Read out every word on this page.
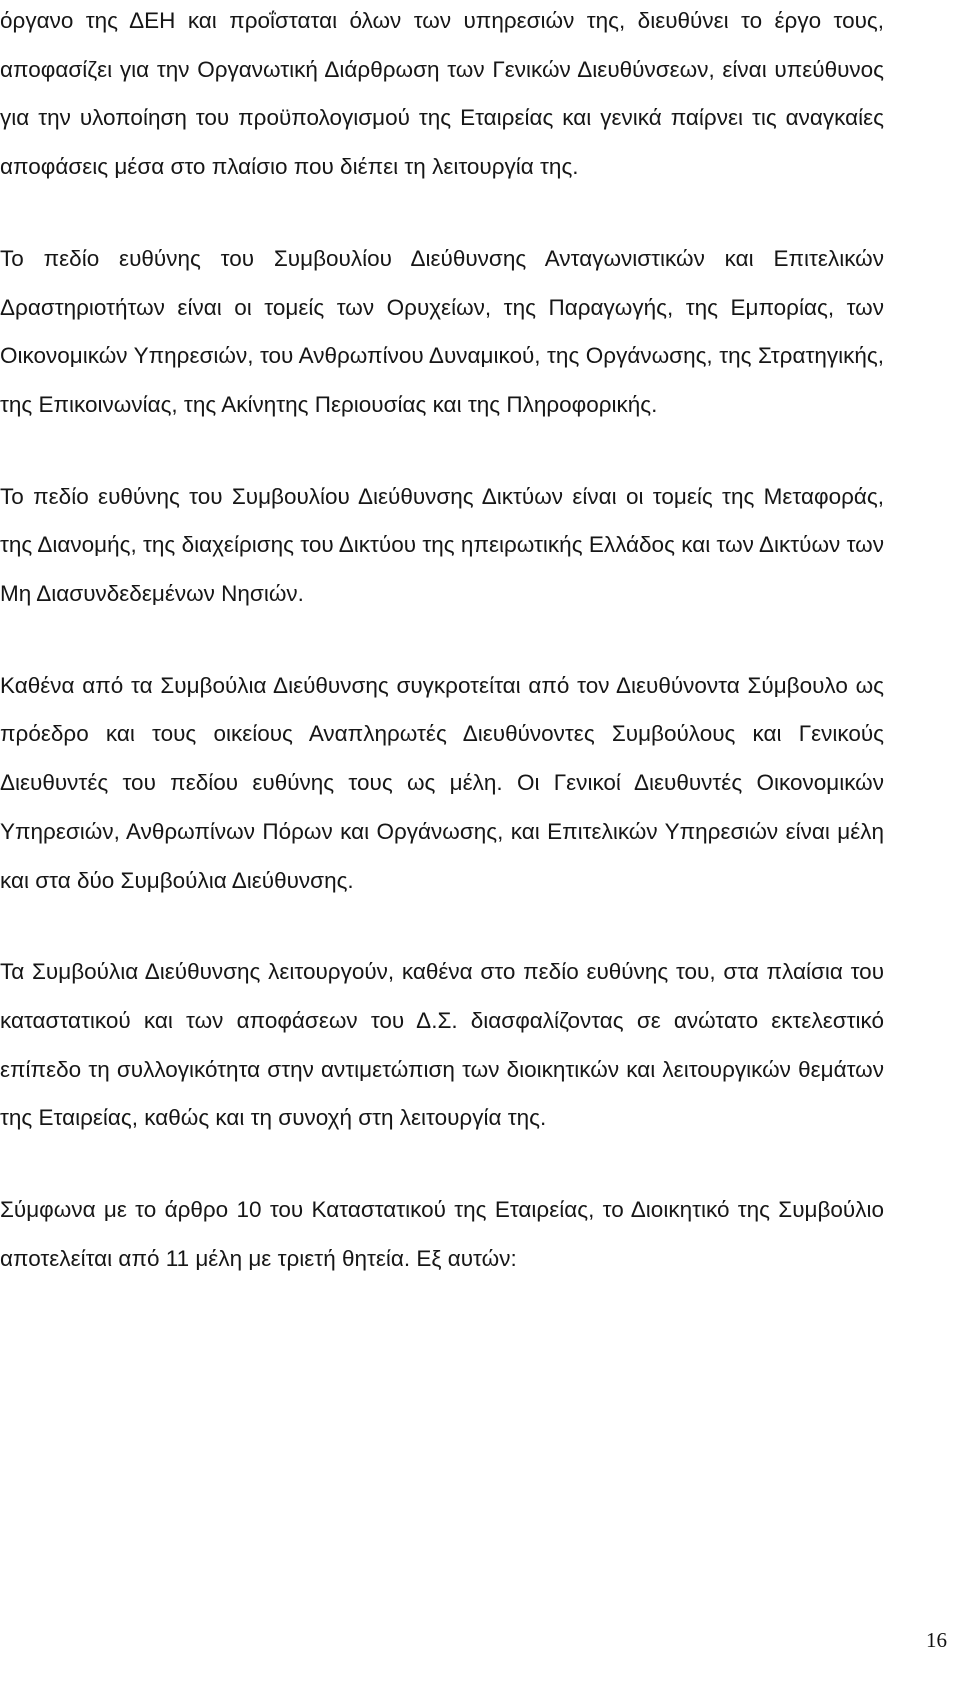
όργανο της ΔΕΗ και προΐσταται όλων των υπηρεσιών της, διευθύνει το έργο τους, αποφασίζει για την Οργανωτική Διάρθρωση των Γενικών Διευθύνσεων, είναι υπεύθυνος για την υλοποίηση του προϋπολογισμού της Εταιρείας και γενικά παίρνει τις αναγκαίες αποφάσεις μέσα στο πλαίσιο που διέπει τη λειτουργία της.

Το πεδίο ευθύνης του Συμβουλίου Διεύθυνσης Ανταγωνιστικών και Επιτελικών Δραστηριοτήτων είναι οι τομείς των Ορυχείων, της Παραγωγής, της Εμπορίας, των Οικονομικών Υπηρεσιών, του Ανθρωπίνου Δυναμικού, της Οργάνωσης, της Στρατηγικής, της Επικοινωνίας, της Ακίνητης Περιουσίας και της Πληροφορικής.

Το πεδίο ευθύνης του Συμβουλίου Διεύθυνσης Δικτύων είναι οι τομείς της Μεταφοράς, της Διανομής, της διαχείρισης του Δικτύου της ηπειρωτικής Ελλάδος και των Δικτύων των Μη Διασυνδεδεμένων Νησιών.

Καθένα από τα Συμβούλια Διεύθυνσης συγκροτείται από τον Διευθύνοντα Σύμβουλο ως πρόεδρο και τους οικείους Αναπληρωτές Διευθύνοντες Συμβούλους και Γενικούς Διευθυντές του πεδίου ευθύνης τους ως μέλη. Οι Γενικοί Διευθυντές Οικονομικών Υπηρεσιών, Ανθρωπίνων Πόρων και Οργάνωσης, και Επιτελικών Υπηρεσιών είναι μέλη και στα δύο Συμβούλια Διεύθυνσης.

Τα Συμβούλια Διεύθυνσης λειτουργούν, καθένα στο πεδίο ευθύνης του, στα πλαίσια του καταστατικού και των αποφάσεων του Δ.Σ. διασφαλίζοντας σε ανώτατο εκτελεστικό επίπεδο τη συλλογικότητα στην αντιμετώπιση των διοικητικών και λειτουργικών θεμάτων της Εταιρείας, καθώς και τη συνοχή στη λειτουργία της.

Σύμφωνα με το άρθρο 10 του Καταστατικού της Εταιρείας, το Διοικητικό της Συμβούλιο αποτελείται από 11 μέλη με τριετή θητεία. Εξ αυτών:

16
